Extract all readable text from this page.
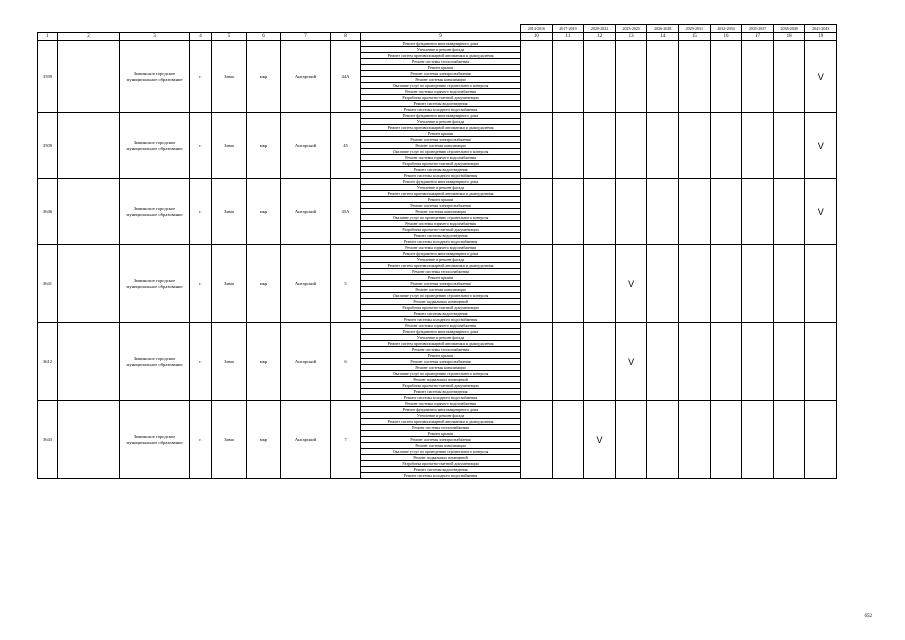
									2014-2016	2017-2019	2020-2022	2023-2025	2026-2028	2029-2031	2032-2034	2035-2037	2038-2040	2041-2043
1	2	3	4	5	6	7	8	9	10	11	12	13	14	15	16	17	18	19
3599		Зиминское городское муниципальное образование	г.	Зима	мкр	Ангарский	44А	Ремонт фундамента многоквартирного дома										V
								Утепление и ремонт фасада										
								Ремонт систем противопожарной автоматики и дымоудаления										
								Ремонт системы теплоснабжения										
								Ремонт крыши										
								Ремонт системы электроснабжения										
								Ремонт системы канализации										
								Оказание услуг по проведению строительного контроля										
								Ремонт системы горячего водоснабжения										
								Разработка проектно-сметной документации										
								Ремонт системы водоотведения										
								Ремонт системы холодного водоснабжения										
3509		Зиминское городское муниципальное образование	г.	Зима	мкр	Ангарский	45	Ремонт фундамента многоквартирного дома										V
								Утепление и ремонт фасада										
								Ремонт систем противопожарной автоматики и дымоудаления										
								Ремонт крыши										
								Ремонт системы электроснабжения										
								Ремонт системы канализации										
								Оказание услуг по проведению строительного контроля										
								Ремонт системы горячего водоснабжения										
								Разработка проектно-сметной документации										
								Ремонт системы водоотведения										
								Ремонт системы холодного водоснабжения										
3646		Зиминское городское муниципальное образование	г.	Зима	мкр	Ангарский	45А	Ремонт фундамента многоквартирного дома										V
								Утепление и ремонт фасада										
								Ремонт систем противопожарной автоматики и дымоудаления										
								Ремонт крыши										
								Ремонт системы электроснабжения										
								Ремонт системы канализации										
								Оказание услуг по проведению строительного контроля										
								Ремонт системы горячего водоснабжения										
								Разработка проектно-сметной документации										
								Ремонт системы водоотведения										
								Ремонт системы холодного водоснабжения										
3641		Зиминское городское муниципальное образование	г.	Зима	мкр	Ангарский	5	Ремонт системы горячего водоснабжения				V						
								Ремонт фундамента многоквартирного дома										
								Утепление и ремонт фасада										
								Ремонт систем противопожарной автоматики и дымоудаления										
								Ремонт системы теплоснабжения										
								Ремонт крыши										
								Ремонт системы электроснабжения										
								Ремонт системы канализации										
								Оказание услуг по проведению строительного контроля										
								Ремонт подвальных помещений										
								Разработка проектно-сметной документации										
								Ремонт системы водоотведения										
								Ремонт системы холодного водоснабжения										
3612		Зиминское городское муниципальное образование	г.	Зима	мкр	Ангарский	6	Ремонт системы горячего водоснабжения				V						
								Ремонт фундамента многоквартирного дома										
								Утепление и ремонт фасада										
								Ремонт систем противопожарной автоматики и дымоудаления										
								Ремонт системы теплоснабжения										
								Ремонт крыши										
								Ремонт системы электроснабжения										
								Ремонт системы канализации										
								Оказание услуг по проведению строительного контроля										
								Ремонт подвальных помещений										
								Разработка проектно-сметной документации										
								Ремонт системы водоотведения										
								Ремонт системы холодного водоснабжения										
3643		Зиминское городское муниципальное образование	г.	Зима	мкр	Ангарский	7	Ремонт системы горячего водоснабжения			V							
								Ремонт фундамента многоквартирного дома										
								Утепление и ремонт фасада										
								Ремонт систем противопожарной автоматики и дымоудаления										
								Ремонт системы теплоснабжения										
								Ремонт крыши										
								Ремонт системы электроснабжения										
								Ремонт системы канализации										
								Оказание услуг по проведению строительного контроля										
								Ремонт подвальных помещений										
								Разработка проектно-сметной документации										
								Ремонт системы водоотведения										
								Ремонт системы холодного водоснабжения										
652
